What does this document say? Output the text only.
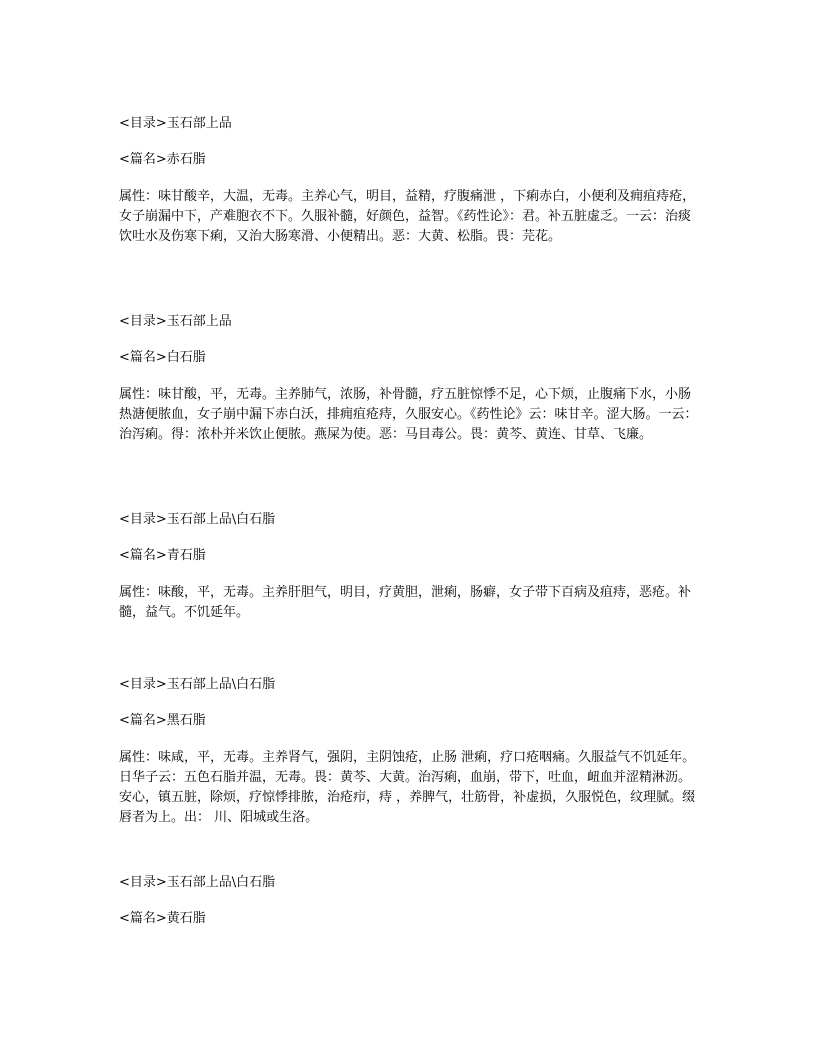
<目录>玉石部上品
<篇名>赤石脂
属性：味甘酸辛，大温，无毒。主养心气，明目，益精，疗腹痛泄 ，下痢赤白，小便利及痈疽痔疮，女子崩漏中下，产难胞衣不下。久服补髓，好颜色，益智。《药性论》：君。补五脏虚乏。一云：治痰饮吐水及伤寒下痢，又治大肠寒滑、小便精出。恶：大黄、松脂。畏：芫花。
<目录>玉石部上品
<篇名>白石脂
属性：味甘酸，平，无毒。主养肺气，浓肠，补骨髓，疗五脏惊悸不足，心下烦，止腹痛下水，小肠 热溏便脓血，女子崩中漏下赤白沃，排痈疽疮痔，久服安心。《药性论》云：味甘辛。涩大肠。一云：治泻痢。得：浓朴并米饮止便脓。燕屎为使。恶：马目毒公。畏：黄芩、黄连、甘草、飞廉。
<目录>玉石部上品\白石脂
<篇名>青石脂
属性：味酸，平，无毒。主养肝胆气，明目，疗黄胆，泄痢，肠癖，女子带下百病及疽痔，恶疮。补髓，益气。不饥延年。
<目录>玉石部上品\白石脂
<篇名>黑石脂
属性：味咸，平，无毒。主养肾气，强阴，主阴蚀疮，止肠 泄痢，疗口疮咽痛。久服益气不饥延年。日华子云：五色石脂并温，无毒。畏：黄芩、大黄。治泻痢，血崩，带下，吐血，衄血并涩精淋沥。安心，镇五脏，除烦，疗惊悸排脓，治疮疖，痔 ，养脾气，壮筋骨，补虚损，久服悦色，纹理腻。缀唇者为上。出： 川、阳城或生洛。
<目录>玉石部上品\白石脂
<篇名>黄石脂
